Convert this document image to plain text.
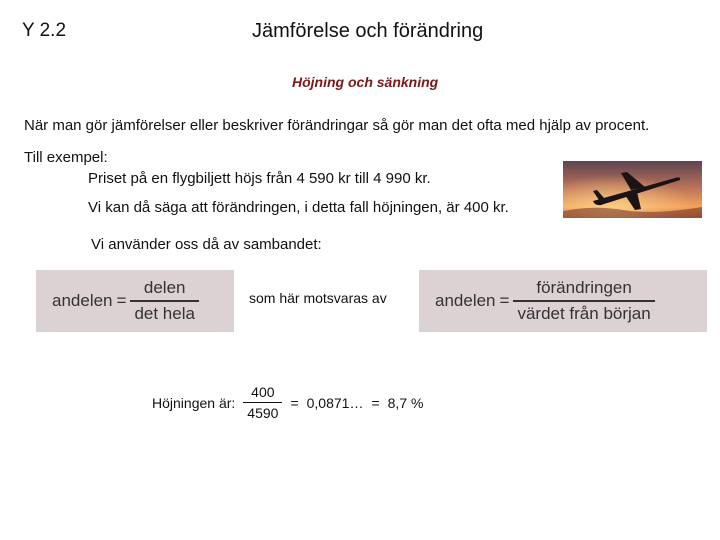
Y 2.2	Jämförelse och förändring
Höjning och sänkning
När man gör jämförelser eller beskriver förändringar så gör man det ofta med hjälp av procent.
Till exempel:
Priset på en flygbiljett höjs från 4 590 kr till 4 990 kr.
Vi kan då säga att förändringen, i detta fall höjningen, är 400 kr.
Vi använder oss då av sambandet:
andelen = $\frac{\text{delen}}{\text{det hela}}$	som här motsvaras av	andelen = $\frac{\text{förändringen}}{\text{värdet från början}}$
Höjningen är: $\frac{400}{4590}$ = 0,0871… = 8,7 %
